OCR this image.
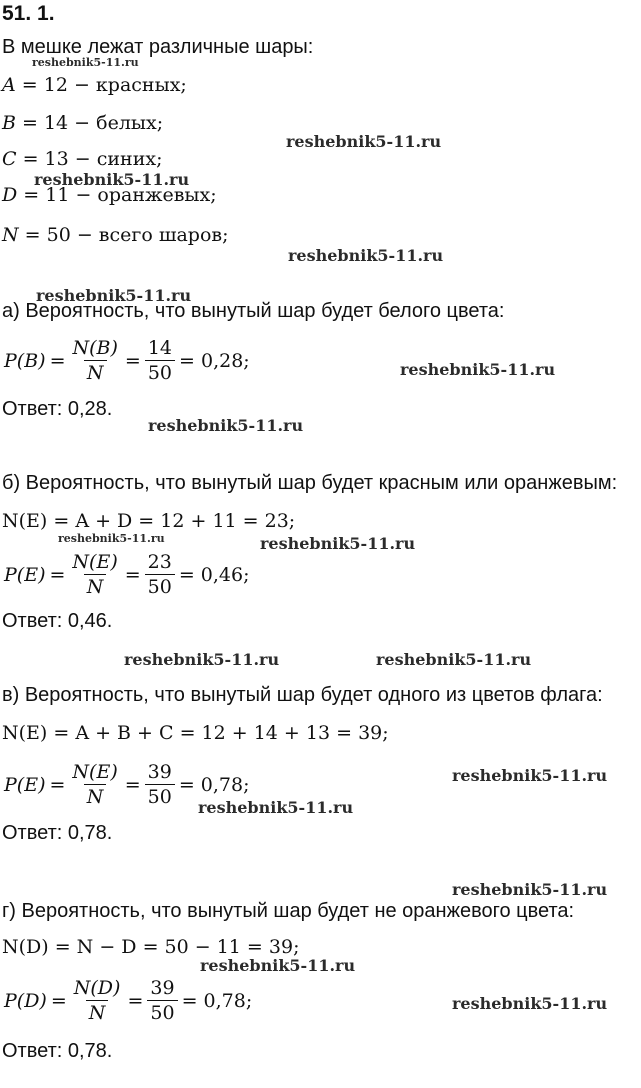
51. 1.
В мешке лежат различные шары:
A = 12 − красных;
B = 14 − белых;
C = 13 − синих;
D = 11 − оранжевых;
N = 50 − всего шаров;
а) Вероятность, что вынутый шар будет белого цвета:
$P(B) = \frac{N(B)}{N} = \frac{14}{50} = 0,28$;
Ответ: 0,28.
б) Вероятность, что вынутый шар будет красным или оранжевым:
N(E) = A + D = 12 + 11 = 23;
$P(E) = \frac{N(E)}{N} = \frac{23}{50} = 0,46$;
Ответ: 0,46.
в) Вероятность, что вынутый шар будет одного из цветов флага:
N(E) = A + B + C = 12 + 14 + 13 = 39;
$P(E) = \frac{N(E)}{N} = \frac{39}{50} = 0,78$;
Ответ: 0,78.
г) Вероятность, что вынутый шар будет не оранжевого цвета:
N(D) = N − D = 50 − 11 = 39;
$P(D) = \frac{N(D)}{N} = \frac{39}{50} = 0,78$;
Ответ: 0,78.
reshebnik5-11.ru
reshebnik5-11.ru
reshebnik5-11.ru
reshebnik5-11.ru
reshebnik5-11.ru
reshebnik5-11.ru
reshebnik5-11.ru
reshebnik5-11.ru	reshebnik5-11.ru
reshebnik5-11.ru	reshebnik5-11.ru
reshebnik5-11.ru
reshebnik5-11.ru
reshebnik5-11.ru
reshebnik5-11.ru
reshebnik5-11.ru
